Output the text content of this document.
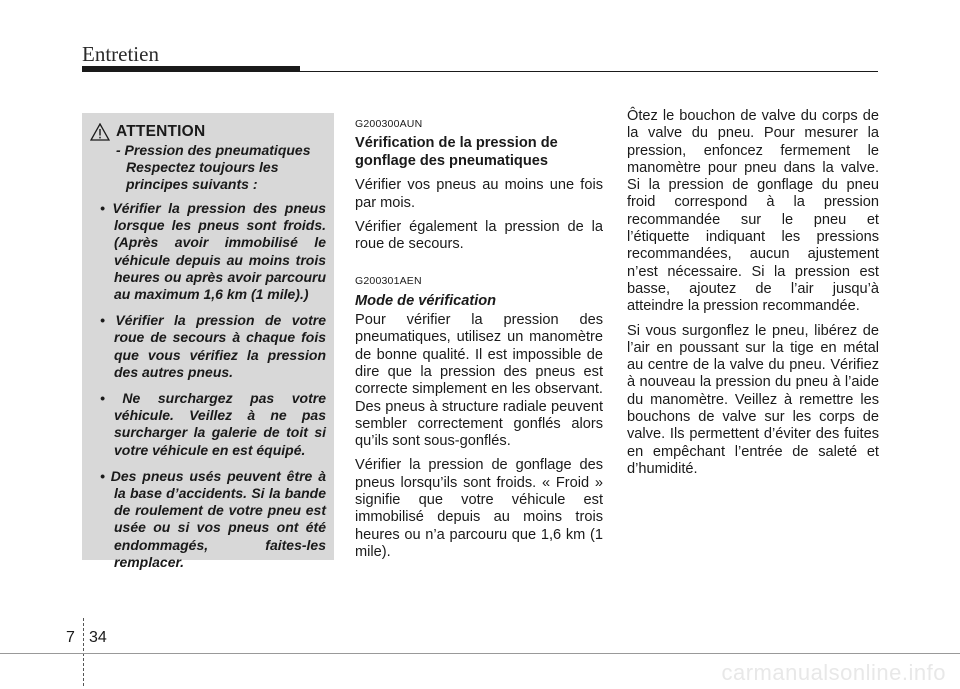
Entretien
ATTENTION
- Pression des pneumatiques Respectez toujours les principes suivants :
• Vérifier la pression des pneus lorsque les pneus sont froids. (Après avoir immobilisé le véhicule depuis au moins trois heures ou après avoir parcouru au maximum 1,6 km (1 mile).)
• Vérifier la pression de votre roue de secours à chaque fois que vous vérifiez la pression des autres pneus.
• Ne surchargez pas votre véhicule. Veillez à ne pas surcharger la galerie de toit si votre véhicule en est équipé.
• Des pneus usés peuvent être à la base d’accidents. Si la bande de roulement de votre pneu est usée ou si vos pneus ont été endommagés, faites-les remplacer.

G200300AUN

Vérification de la pression de gonflage des pneumatiques

Vérifier vos pneus au moins une fois par mois.

Vérifier également la pression de la roue de secours.

G200301AEN

Mode de vérification

Pour vérifier la pression des pneumatiques, utilisez un manomètre de bonne qualité. Il est impossible de dire que la pression des pneus est correcte simplement en les observant. Des pneus à structure radiale peuvent sembler correctement gonflés alors qu’ils sont sous-gonflés.

Vérifier la pression de gonflage des pneus lorsqu’ils sont froids. « Froid » signifie que votre véhicule est immobilisé depuis au moins trois heures ou n’a parcouru que 1,6 km (1 mile).

Ôtez le bouchon de valve du corps de la valve du pneu. Pour mesurer la pression, enfoncez fermement le manomètre pour pneu dans la valve. Si la pression de gonflage du pneu froid correspond à la pression recommandée sur le pneu et l’étiquette indiquant les pressions recommandées, aucun ajustement n’est nécessaire. Si la pression est basse, ajoutez de l’air jusqu’à atteindre la pression recommandée.

Si vous surgonflez le pneu, libérez de l’air en poussant sur la tige en métal au centre de la valve du pneu. Vérifiez à nouveau la pression du pneu à l’aide du manomètre. Veillez à remettre les bouchons de valve sur les corps de valve. Ils permettent d’éviter des fuites en empêchant l’entrée de saleté et d’humidité.

7 34
carmanualsonline.info
